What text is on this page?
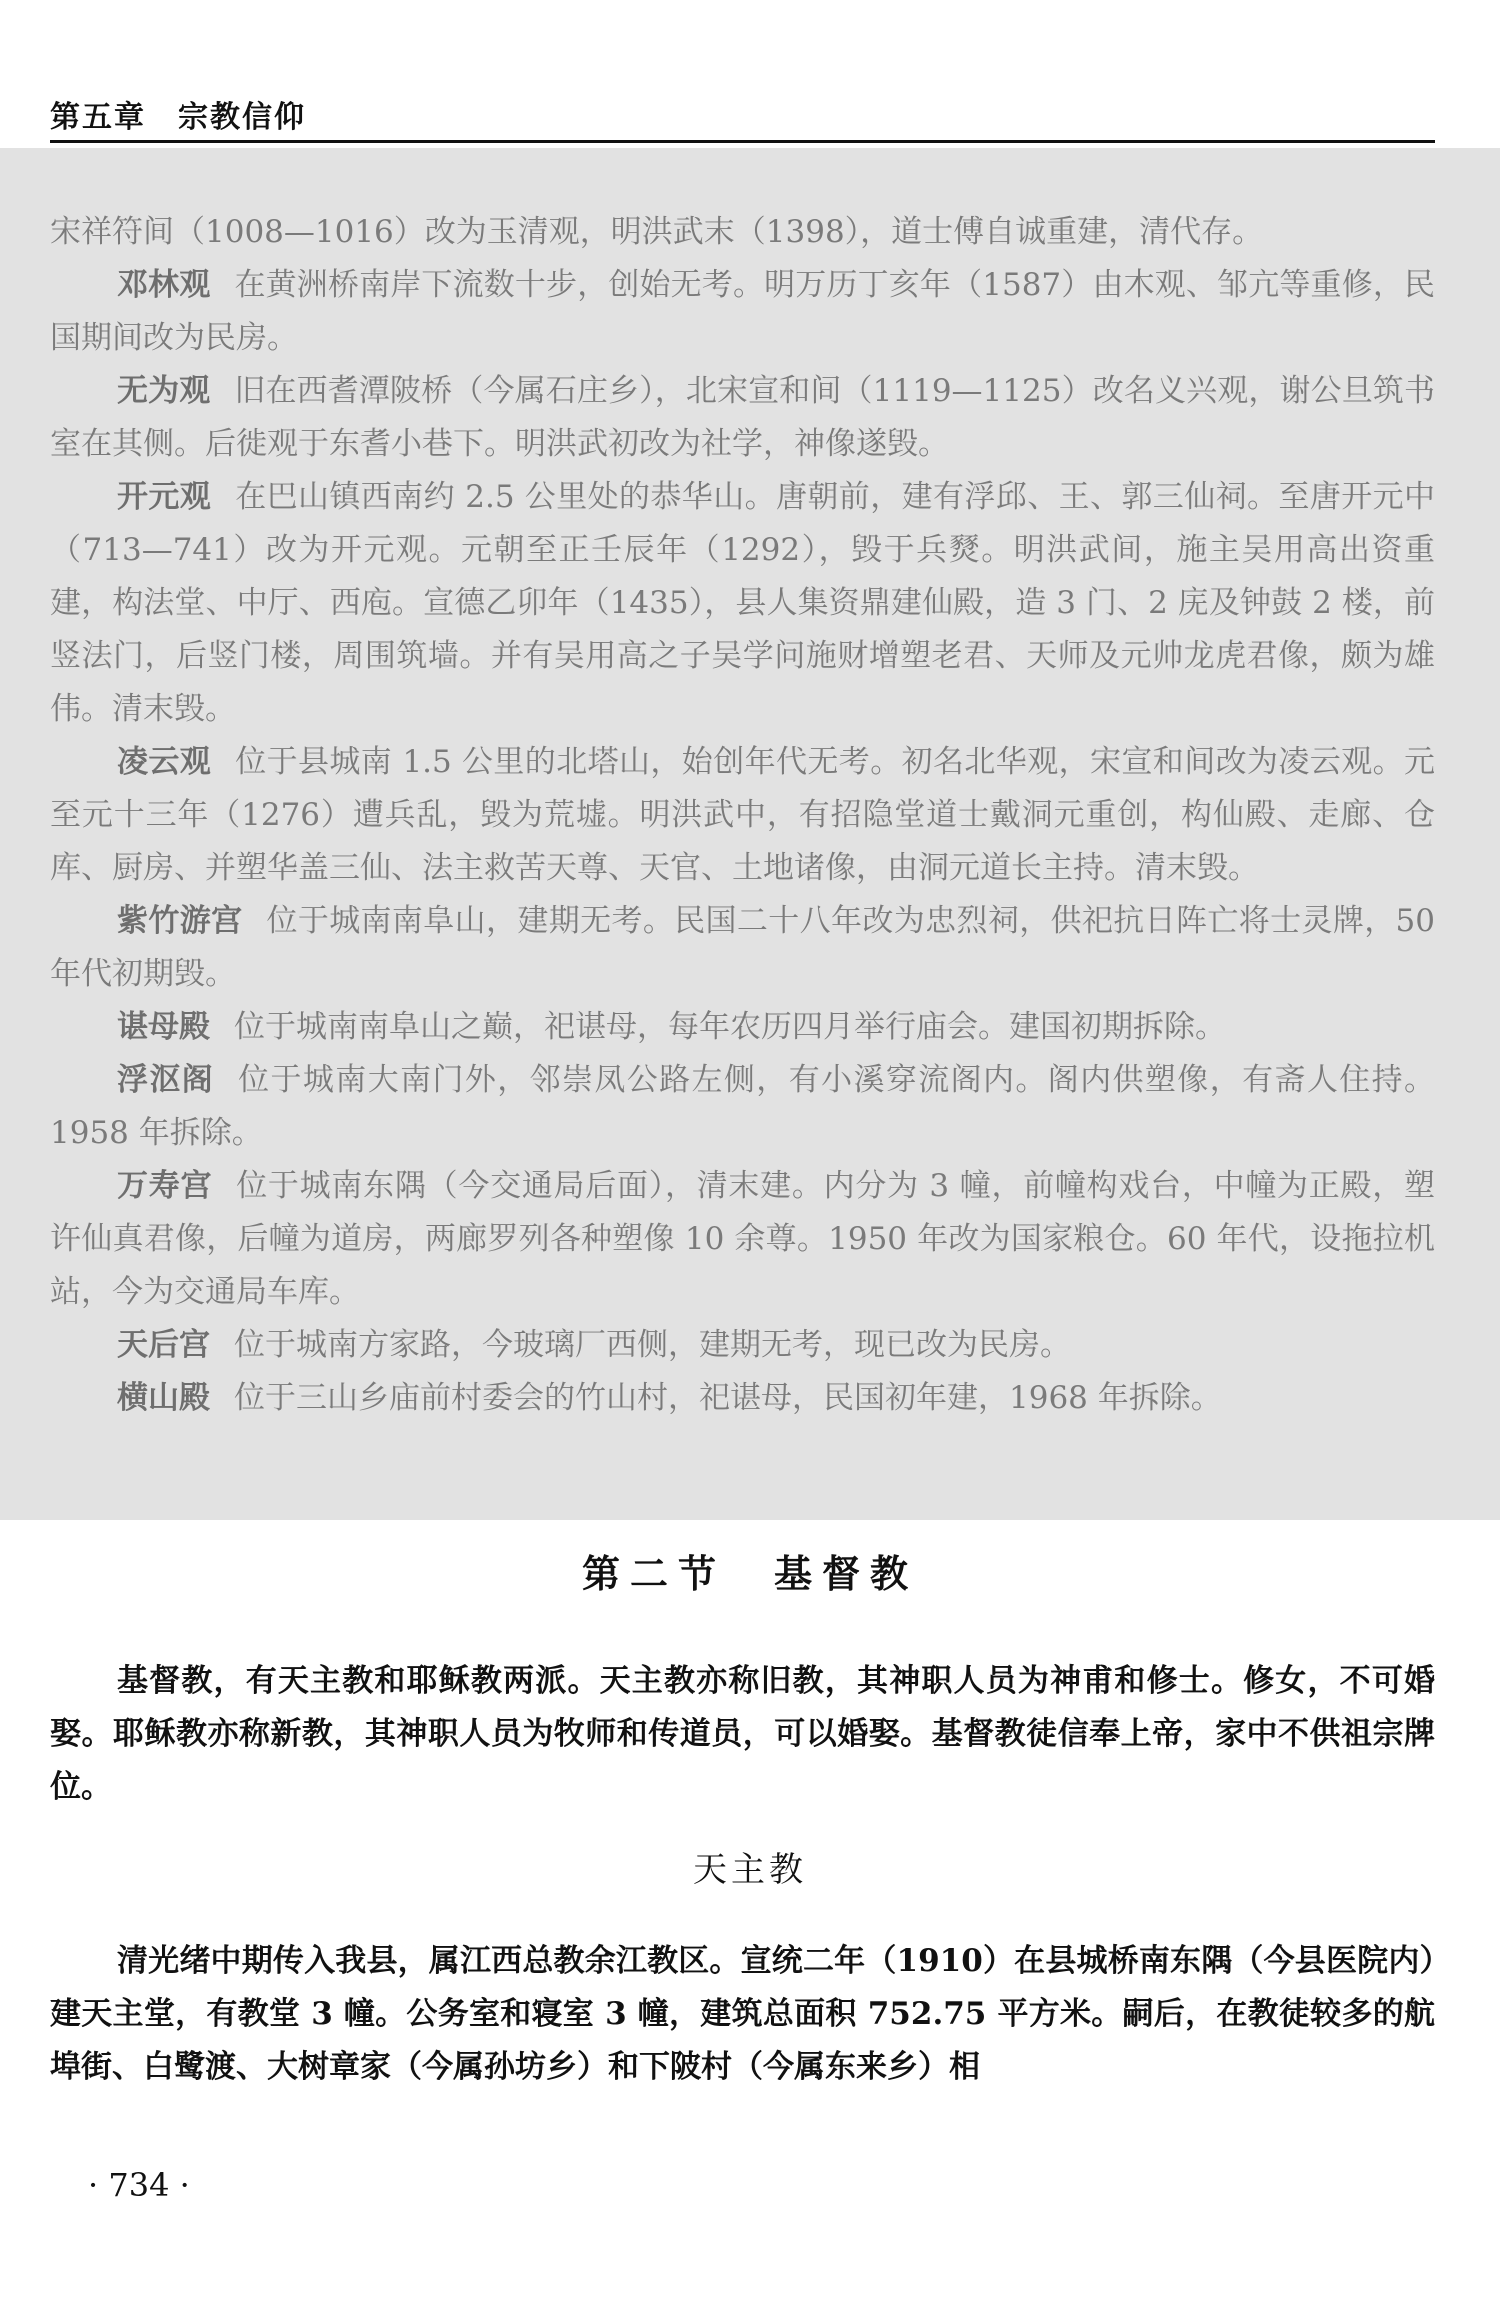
第五章　宗教信仰

宋祥符间（1008—1016）改为玉清观，明洪武末（1398），道士傅自诚重建，清代存。

邓林观 在黄洲桥南岸下流数十步，创始无考。明万历丁亥年（1587）由木观、邹亢等重修，民国期间改为民房。

无为观 旧在西耆潭陂桥（今属石庄乡），北宋宣和间（1119—1125）改名义兴观，谢公旦筑书室在其侧。后徙观于东耆小巷下。明洪武初改为社学，神像遂毁。

开元观 在巴山镇西南约 2.5 公里处的恭华山。唐朝前，建有浮邱、王、郭三仙祠。至唐开元中（713—741）改为开元观。元朝至正壬辰年（1292），毁于兵燹。明洪武间，施主吴用高出资重建，构法堂、中厅、西庖。宣德乙卯年（1435），县人集资鼎建仙殿，造 3 门、2 庑及钟鼓 2 楼，前竖法门，后竖门楼，周围筑墙。并有吴用高之子吴学问施财增塑老君、天师及元帅龙虎君像，颇为雄伟。清末毁。

凌云观 位于县城南 1.5 公里的北塔山，始创年代无考。初名北华观，宋宣和间改为凌云观。元至元十三年（1276）遭兵乱，毁为荒墟。明洪武中，有招隐堂道士戴洞元重创，构仙殿、走廊、仓库、厨房、并塑华盖三仙、法主救苦天尊、天官、土地诸像，由洞元道长主持。清末毁。

紫竹游宫 位于城南南阜山，建期无考。民国二十八年改为忠烈祠，供祀抗日阵亡将士灵牌，50 年代初期毁。

谌母殿 位于城南南阜山之巅，祀谌母，每年农历四月举行庙会。建国初期拆除。

浮沤阁 位于城南大南门外，邻崇凤公路左侧，有小溪穿流阁内。阁内供塑像，有斋人住持。1958 年拆除。

万寿宫 位于城南东隅（今交通局后面），清末建。内分为 3 幢，前幢构戏台，中幢为正殿，塑许仙真君像，后幢为道房，两廊罗列各种塑像 10 余尊。1950 年改为国家粮仓。60 年代，设拖拉机站，今为交通局车库。

天后宫 位于城南方家路，今玻璃厂西侧，建期无考，现已改为民房。

横山殿 位于三山乡庙前村委会的竹山村，祀谌母，民国初年建，1968 年拆除。

第二节　基督教

基督教，有天主教和耶稣教两派。天主教亦称旧教，其神职人员为神甫和修士。修女，不可婚娶。耶稣教亦称新教，其神职人员为牧师和传道员，可以婚娶。基督教徒信奉上帝，家中不供祖宗牌位。

天主教

清光绪中期传入我县，属江西总教余江教区。宣统二年（1910）在县城桥南东隅（今县医院内）建天主堂，有教堂 3 幢。公务室和寝室 3 幢，建筑总面积 752.75 平方米。嗣后，在教徒较多的航埠街、白鹭渡、大树章家（今属孙坊乡）和下陂村（今属东来乡）相

· 734 ·
